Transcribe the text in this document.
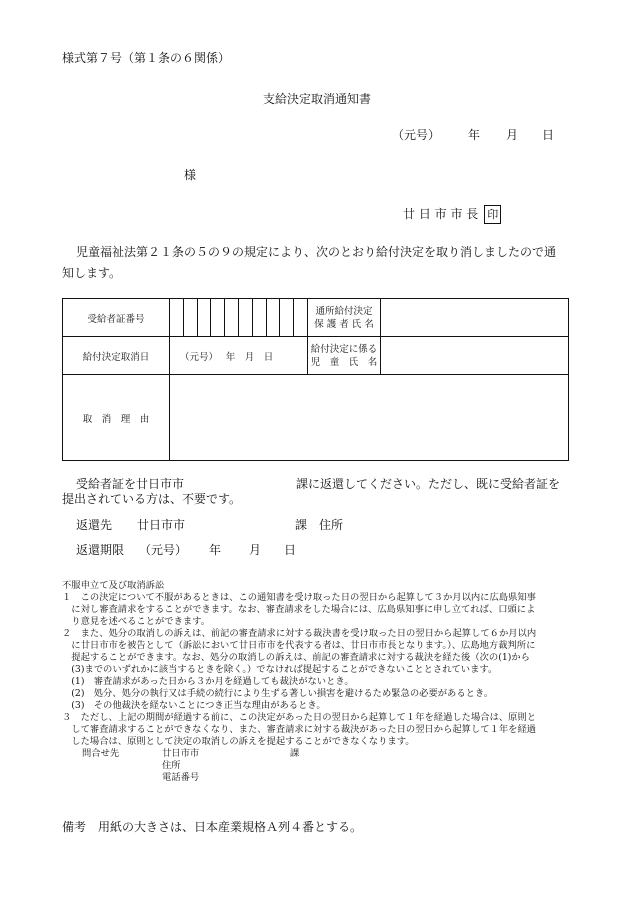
様式第７号（第１条の６関係）
支給決定取消通知書
（元号） 年 月 日
様
廿 日 市 市 長 印
児童福祉法第２１条の５の９の規定により、次のとおり給付決定を取り消しましたので通
知します。
受給者証番号		通所給付決定
保 護 者 氏 名	

給付決定取消日	（元号）　 年　月　日	給付決定に係る
児　童　氏　名	

取　消　理　由			
受給者証を廿日市市	課に返還してください。ただし、既に受給者証を
提出されている方は、不要です。
返還先 廿日市市	課 住所
返還期限 （元号） 年 月 日
不服申立て及び取消訴訟

１　この決定について不服があるときは、この通知書を受け取った日の翌日から起算して３か月以内に広島県知事

　に対し審査請求をすることができます。なお、審査請求をした場合には、広島県知事に申し立てれば、口頭によ

　り意見を述べることができます。

２　また、処分の取消しの訴えは、前記の審査請求に対する裁決書を受け取った日の翌日から起算して６か月以内

　に廿日市市を被告として（訴訟において廿日市市を代表する者は、廿日市市長となります。）、広島地方裁判所に

　提起することができます。なお、処分の取消しの訴えは、前記の審査請求に対する裁決を経た後（次の(1)から

　(3)までのいずれかに該当するときを除く。）でなければ提起することができないこととされています。

　(1)　審査請求があった日から３か月を経過しても裁決がないとき。

　(2)　処分、処分の執行又は手続の続行により生ずる著しい損害を避けるため緊急の必要があるとき。

　(3)　その他裁決を経ないことにつき正当な理由があるとき。

３　ただし、上記の期間が経過する前に、この決定があった日の翌日から起算して１年を経過した場合は、原則と

　して審査請求することができなくなり、また、審査請求に対する裁決があった日の翌日から起算して１年を経過

　した場合は、原則として決定の取消しの訴えを提起することができなくなります。

問合せ先	廿日市市	課
住所
電話番号
備考　用紙の大きさは、日本産業規格Ａ列４番とする。
